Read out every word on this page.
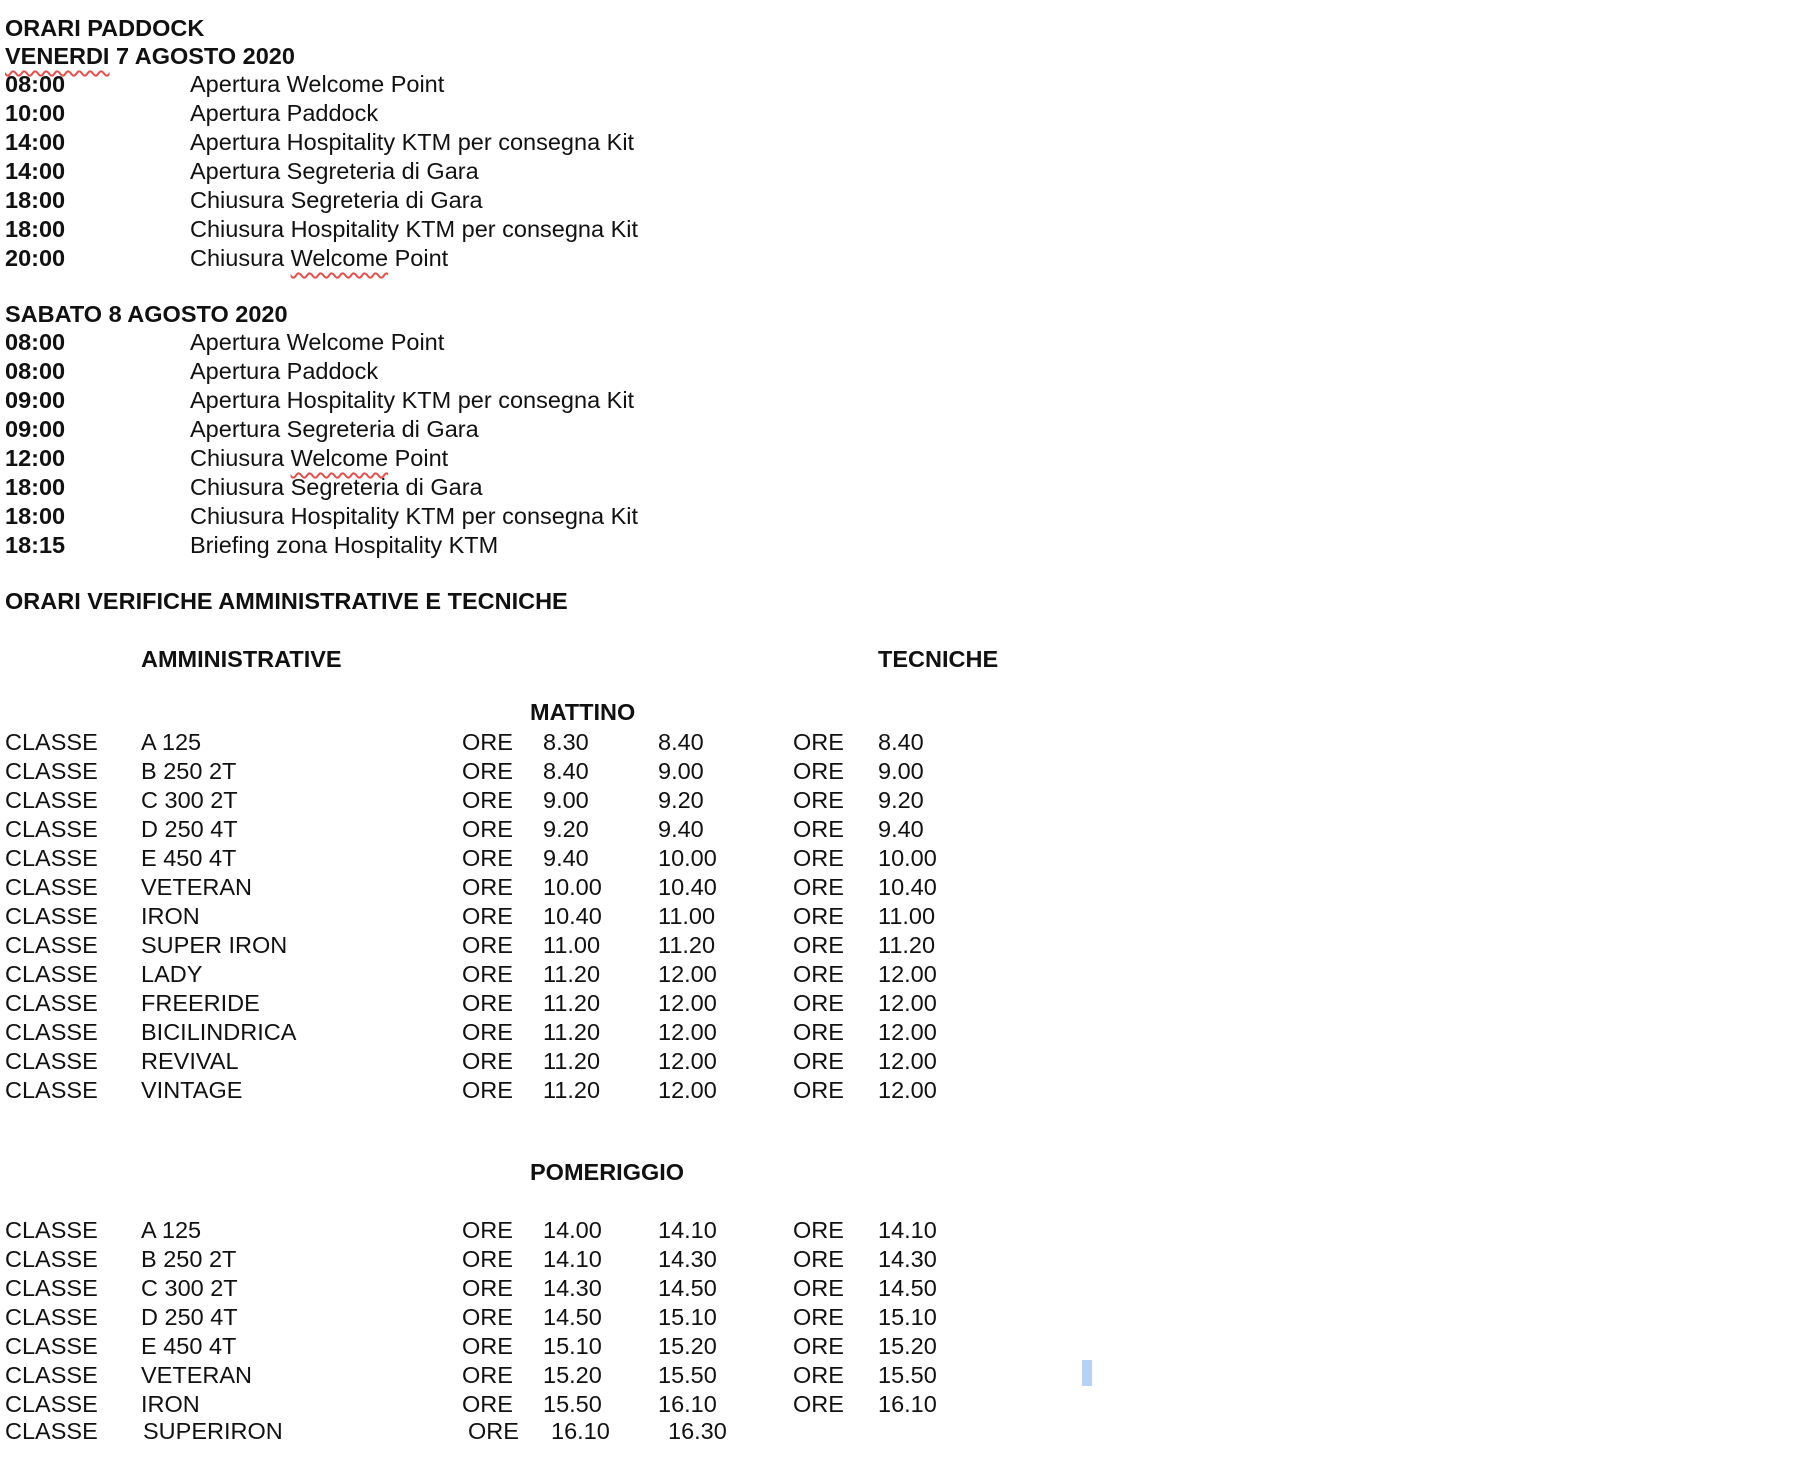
ORARI PADDOCK
VENERDI 7 AGOSTO 2020
08:00	Apertura Welcome Point
10:00	Apertura Paddock
14:00	Apertura Hospitality KTM per consegna Kit
14:00	Apertura Segreteria di Gara
18:00	Chiusura Segreteria di Gara
18:00	Chiusura Hospitality KTM per consegna Kit
20:00	Chiusura Welcome Point
SABATO 8 AGOSTO 2020
08:00	Apertura Welcome Point
08:00	Apertura Paddock
09:00	Apertura Hospitality KTM per consegna Kit
09:00	Apertura Segreteria di Gara
12:00	Chiusura Welcome Point
18:00	Chiusura Segreteria di Gara
18:00	Chiusura Hospitality KTM per consegna Kit
18:15	Briefing zona Hospitality KTM
ORARI VERIFICHE AMMINISTRATIVE E TECNICHE
AMMINISTRATIVE	TECNICHE
MATTINO
CLASSE A 125	ORE 8.30	8.40	ORE 8.40
CLASSE B 250 2T	ORE 8.40	9.00	ORE 9.00
CLASSE C 300 2T	ORE 9.00	9.20	ORE 9.20
CLASSE D 250 4T	ORE 9.20	9.40	ORE 9.40
CLASSE E 450 4T	ORE 9.40	10.00	ORE 10.00
CLASSE VETERAN	ORE 10.00 10.40	ORE 10.40
CLASSE IRON	ORE 10.40 11.00	ORE 11.00
CLASSE SUPER IRON	ORE 11.00 11.20	ORE 11.20
CLASSE LADY	ORE 11.20 12.00	ORE 12.00
CLASSE FREERIDE	ORE 11.20 12.00	ORE 12.00
CLASSE BICILINDRICA	ORE 11.20 12.00	ORE 12.00
CLASSE REVIVAL	ORE 11.20 12.00	ORE 12.00
CLASSE VINTAGE	ORE 11.20 12.00	ORE 12.00
POMERIGGIO
CLASSE A 125	ORE 14.00 14.10	ORE 14.10
CLASSE B 250 2T	ORE 14.10 14.30	ORE 14.30
CLASSE C 300 2T	ORE 14.30 14.50	ORE 14.50
CLASSE D 250 4T	ORE 14.50 15.10	ORE 15.10
CLASSE E 450 4T	ORE 15.10 15.20	ORE 15.20
CLASSE VETERAN	ORE 15.20 15.50	ORE 15.50
CLASSE IRON	ORE 15.50 16.10	ORE 16.10
CLASSE SUPERIRON	ORE 16.10 16.30
